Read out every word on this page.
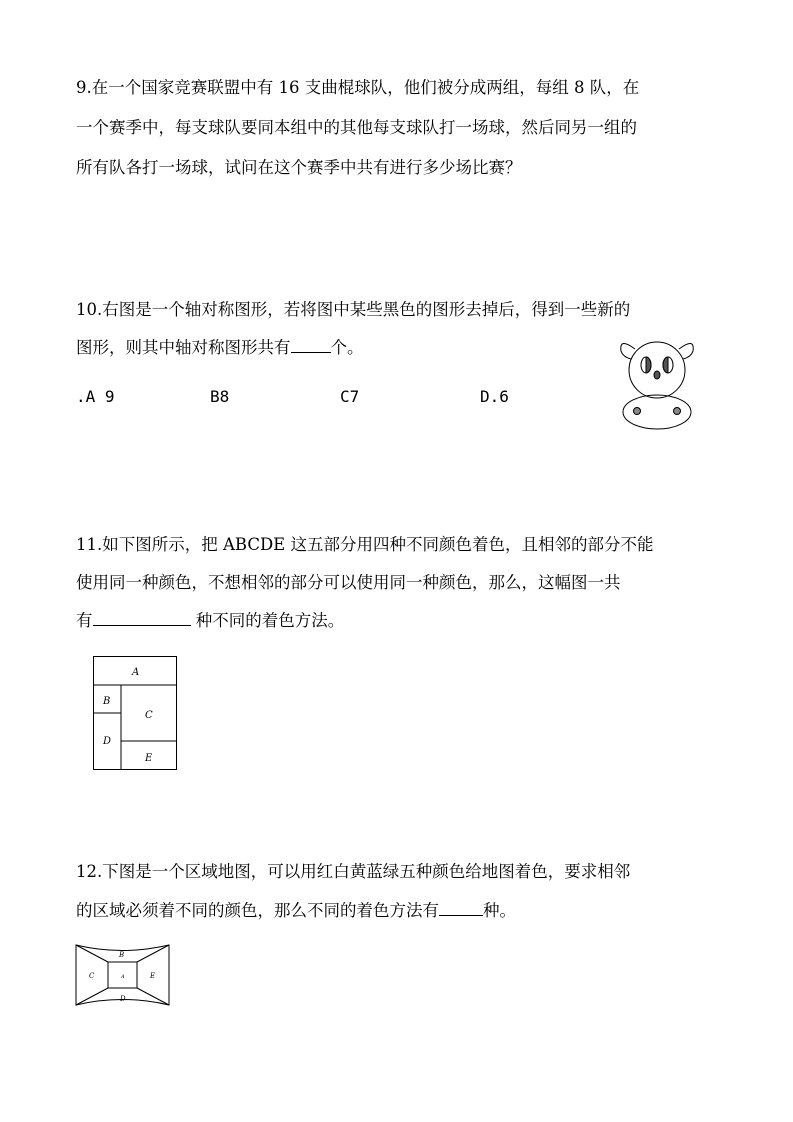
9.在一个国家竞赛联盟中有 16 支曲棍球队，他们被分成两组，每组 8 队，在
一个赛季中，每支球队要同本组中的其他每支球队打一场球，然后同另一组的
所有队各打一场球，试问在这个赛季中共有进行多少场比赛？
10.右图是一个轴对称图形，若将图中某些黑色的图形去掉后，得到一些新的
图形，则其中轴对称图形共有 个。
.A 9	B8	C7	D.6
11.如下图所示，把 ABCDE 这五部分用四种不同颜色着色，且相邻的部分不能
使用同一种颜色，不想相邻的部分可以使用同一种颜色，那么，这幅图一共
有	种不同的着色方法。
A
B
C
D
E
12.下图是一个区域地图，可以用红白黄蓝绿五种颜色给地图着色，要求相邻
的区域必须着不同的颜色，那么不同的着色方法有	种。
B
C	A	E
D
